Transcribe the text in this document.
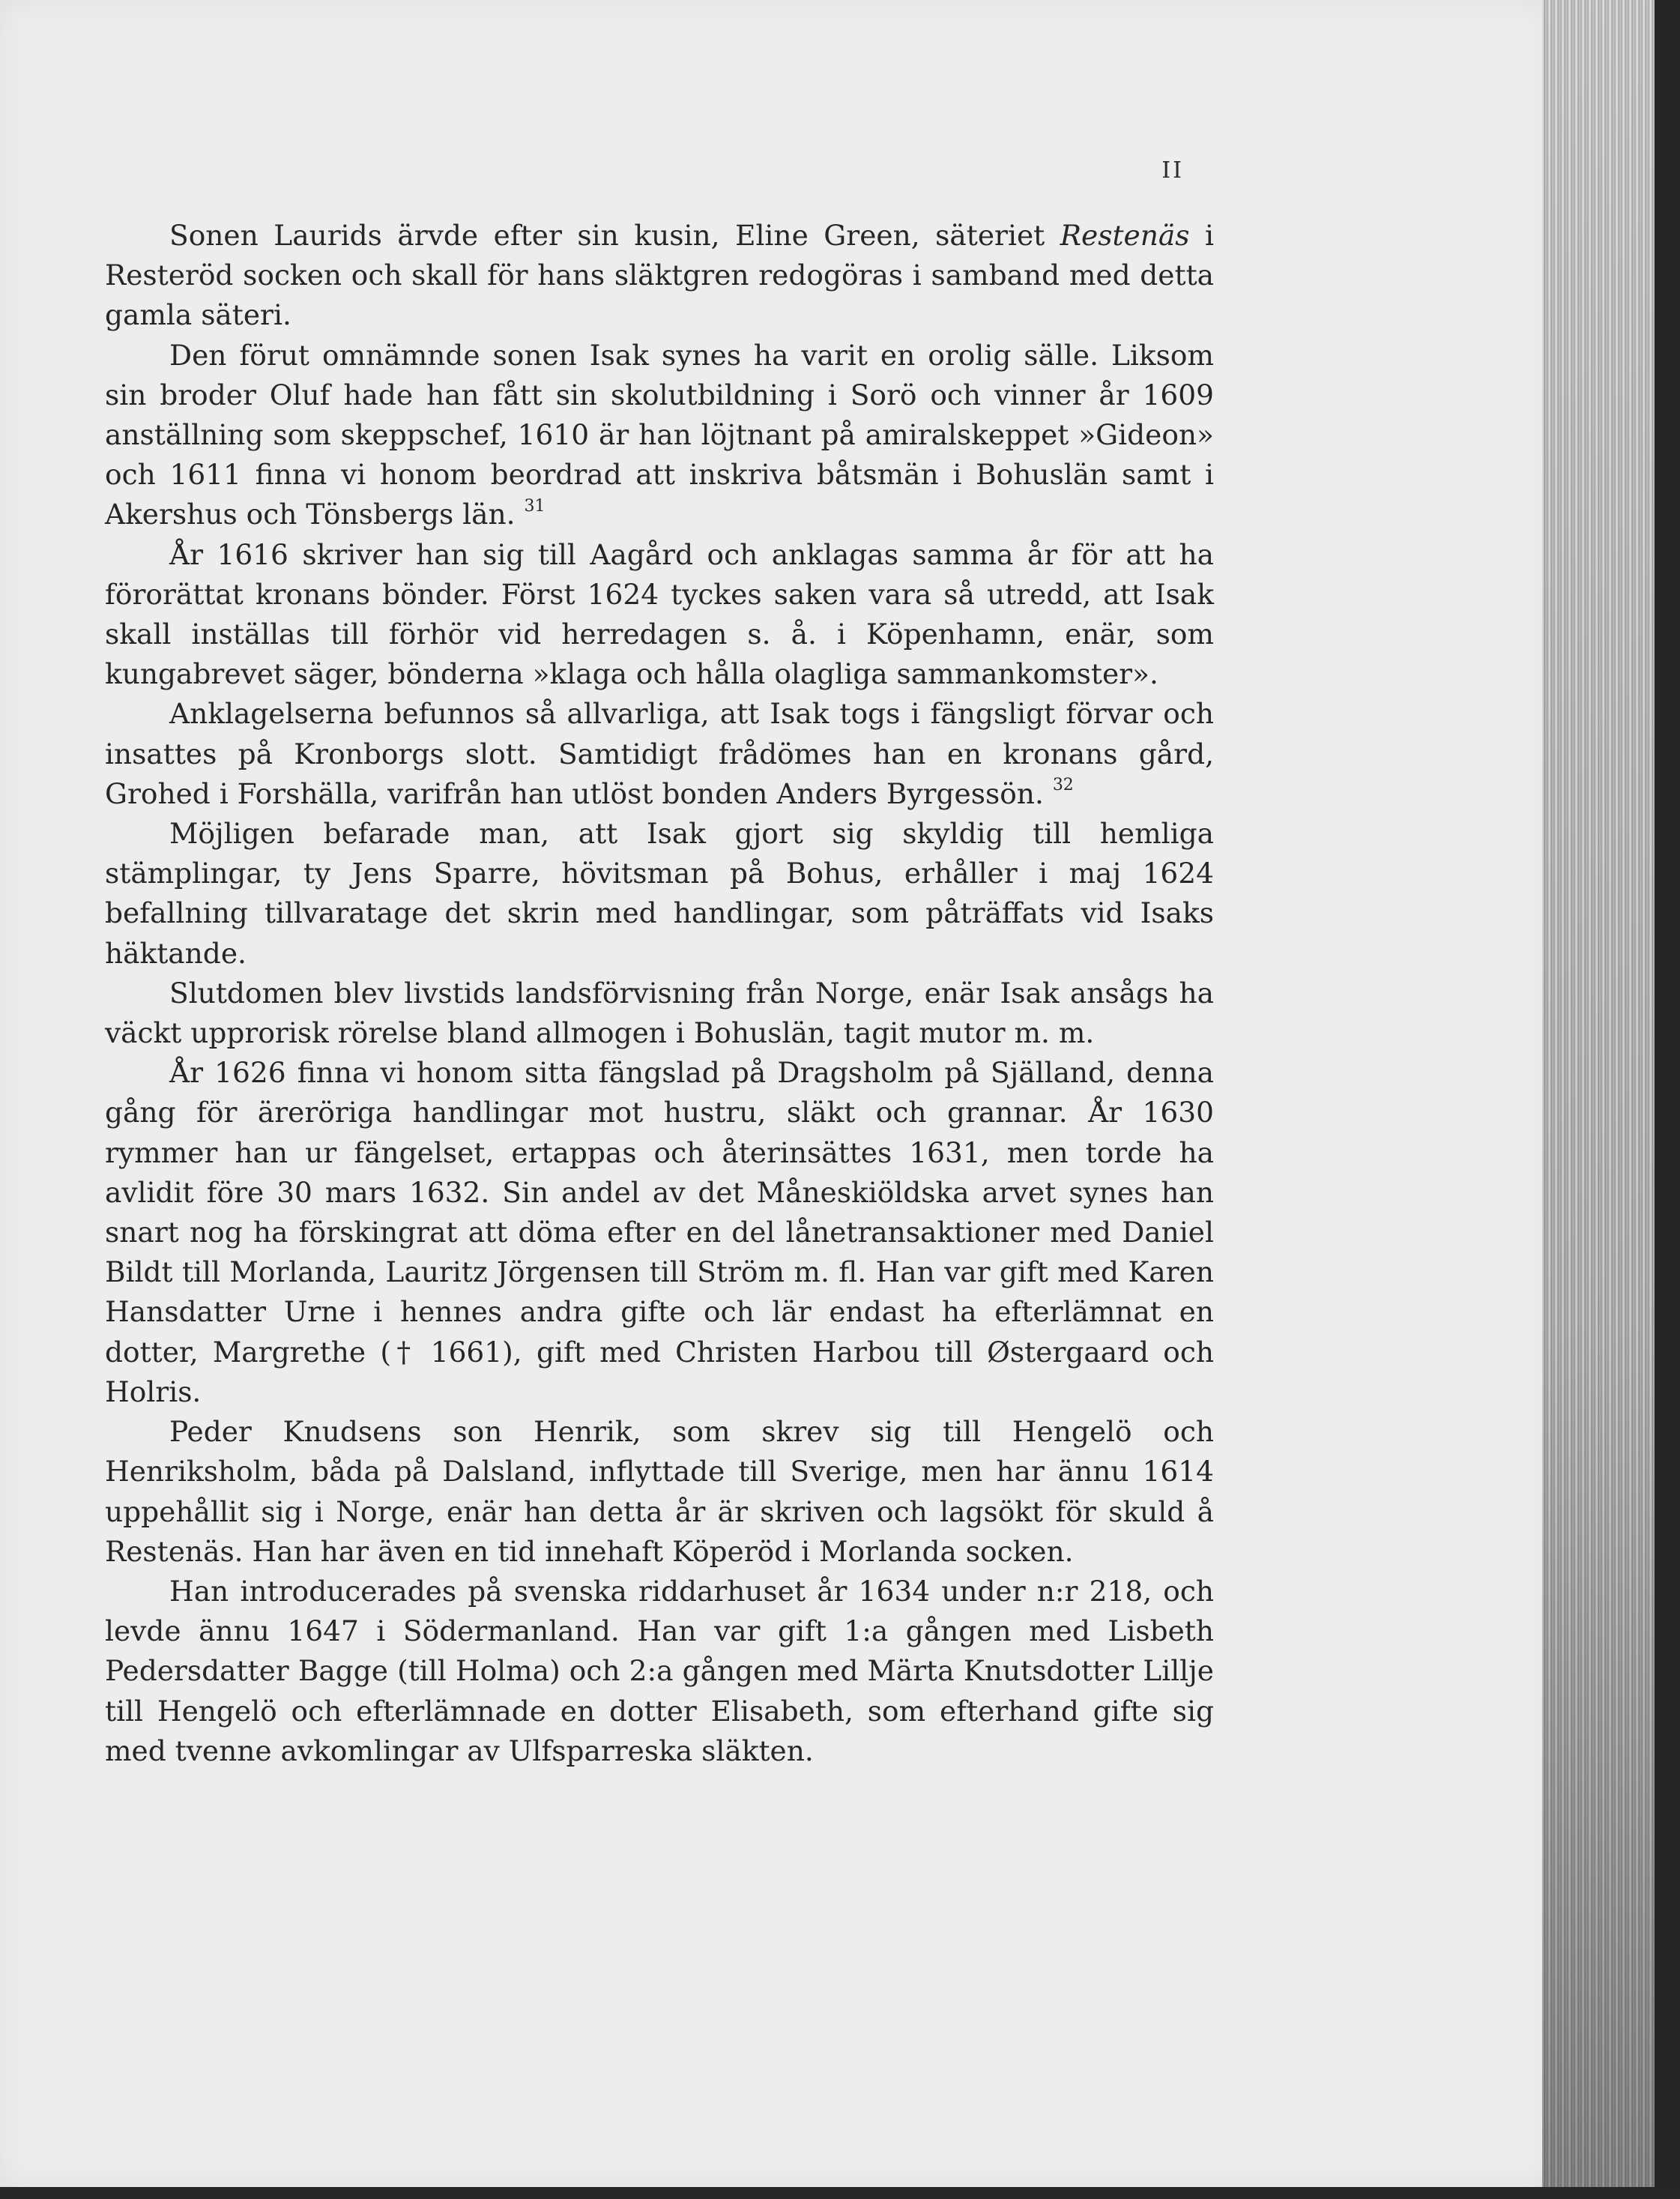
II

Sonen Laurids ärvde efter sin kusin, Eline Green, säteriet Restenäs i Resteröd socken och skall för hans släktgren redogöras i samband med detta gamla säteri.

Den förut omnämnde sonen Isak synes ha varit en orolig sälle. Liksom sin broder Oluf hade han fått sin skolutbildning i Sorö och vinner år 1609 anställning som skeppschef, 1610 är han löjtnant på amiralskeppet »Gideon» och 1611 finna vi honom beordrad att inskriva båtsmän i Bohuslän samt i Akershus och Tönsbergs län. $^{31}$

År 1616 skriver han sig till Aagård och anklagas samma år för att ha förorättat kronans bönder. Först 1624 tyckes saken vara så utredd, att Isak skall inställas till förhör vid herredagen s. å. i Köpenhamn, enär, som kungabrevet säger, bönderna »klaga och hålla olagliga sammankomster».

Anklagelserna befunnos så allvarliga, att Isak togs i fängsligt förvar och insattes på Kronborgs slott. Samtidigt frådömes han en kronans gård, Grohed i Forshälla, varifrån han utlöst bonden Anders Byrgessön. $^{32}$

Möjligen befarade man, att Isak gjort sig skyldig till hemliga stämplingar, ty Jens Sparre, hövitsman på Bohus, erhåller i maj 1624 befallning tillvaratage det skrin med handlingar, som påträffats vid Isaks häktande.

Slutdomen blev livstids landsförvisning från Norge, enär Isak ansågs ha väckt upprorisk rörelse bland allmogen i Bohuslän, tagit mutor m. m.

År 1626 finna vi honom sitta fängslad på Dragsholm på Själland, denna gång för äreröriga handlingar mot hustru, släkt och grannar. År 1630 rymmer han ur fängelset, ertappas och återinsättes 1631, men torde ha avlidit före 30 mars 1632. Sin andel av det Måneskiöldska arvet synes han snart nog ha förskingrat att döma efter en del lånetransaktioner med Daniel Bildt till Morlanda, Lauritz Jörgensen till Ström m. fl. Han var gift med Karen Hansdatter Urne i hennes andra gifte och lär endast ha efterlämnat en dotter, Margrethe († 1661), gift med Christen Harbou till Østergaard och Holris.

Peder Knudsens son Henrik, som skrev sig till Hengelö och Henriksholm, båda på Dalsland, inflyttade till Sverige, men har ännu 1614 uppehållit sig i Norge, enär han detta år är skriven och lagsökt för skuld å Restenäs. Han har även en tid innehaft Köperöd i Morlanda socken.

Han introducerades på svenska riddarhuset år 1634 under n:r 218, och levde ännu 1647 i Södermanland. Han var gift 1:a gången med Lisbeth Pedersdatter Bagge (till Holma) och 2:a gången med Märta Knutsdotter Lillje till Hengelö och efterlämnade en dotter Elisabeth, som efterhand gifte sig med tvenne avkomlingar av Ulfsparreska släkten.
